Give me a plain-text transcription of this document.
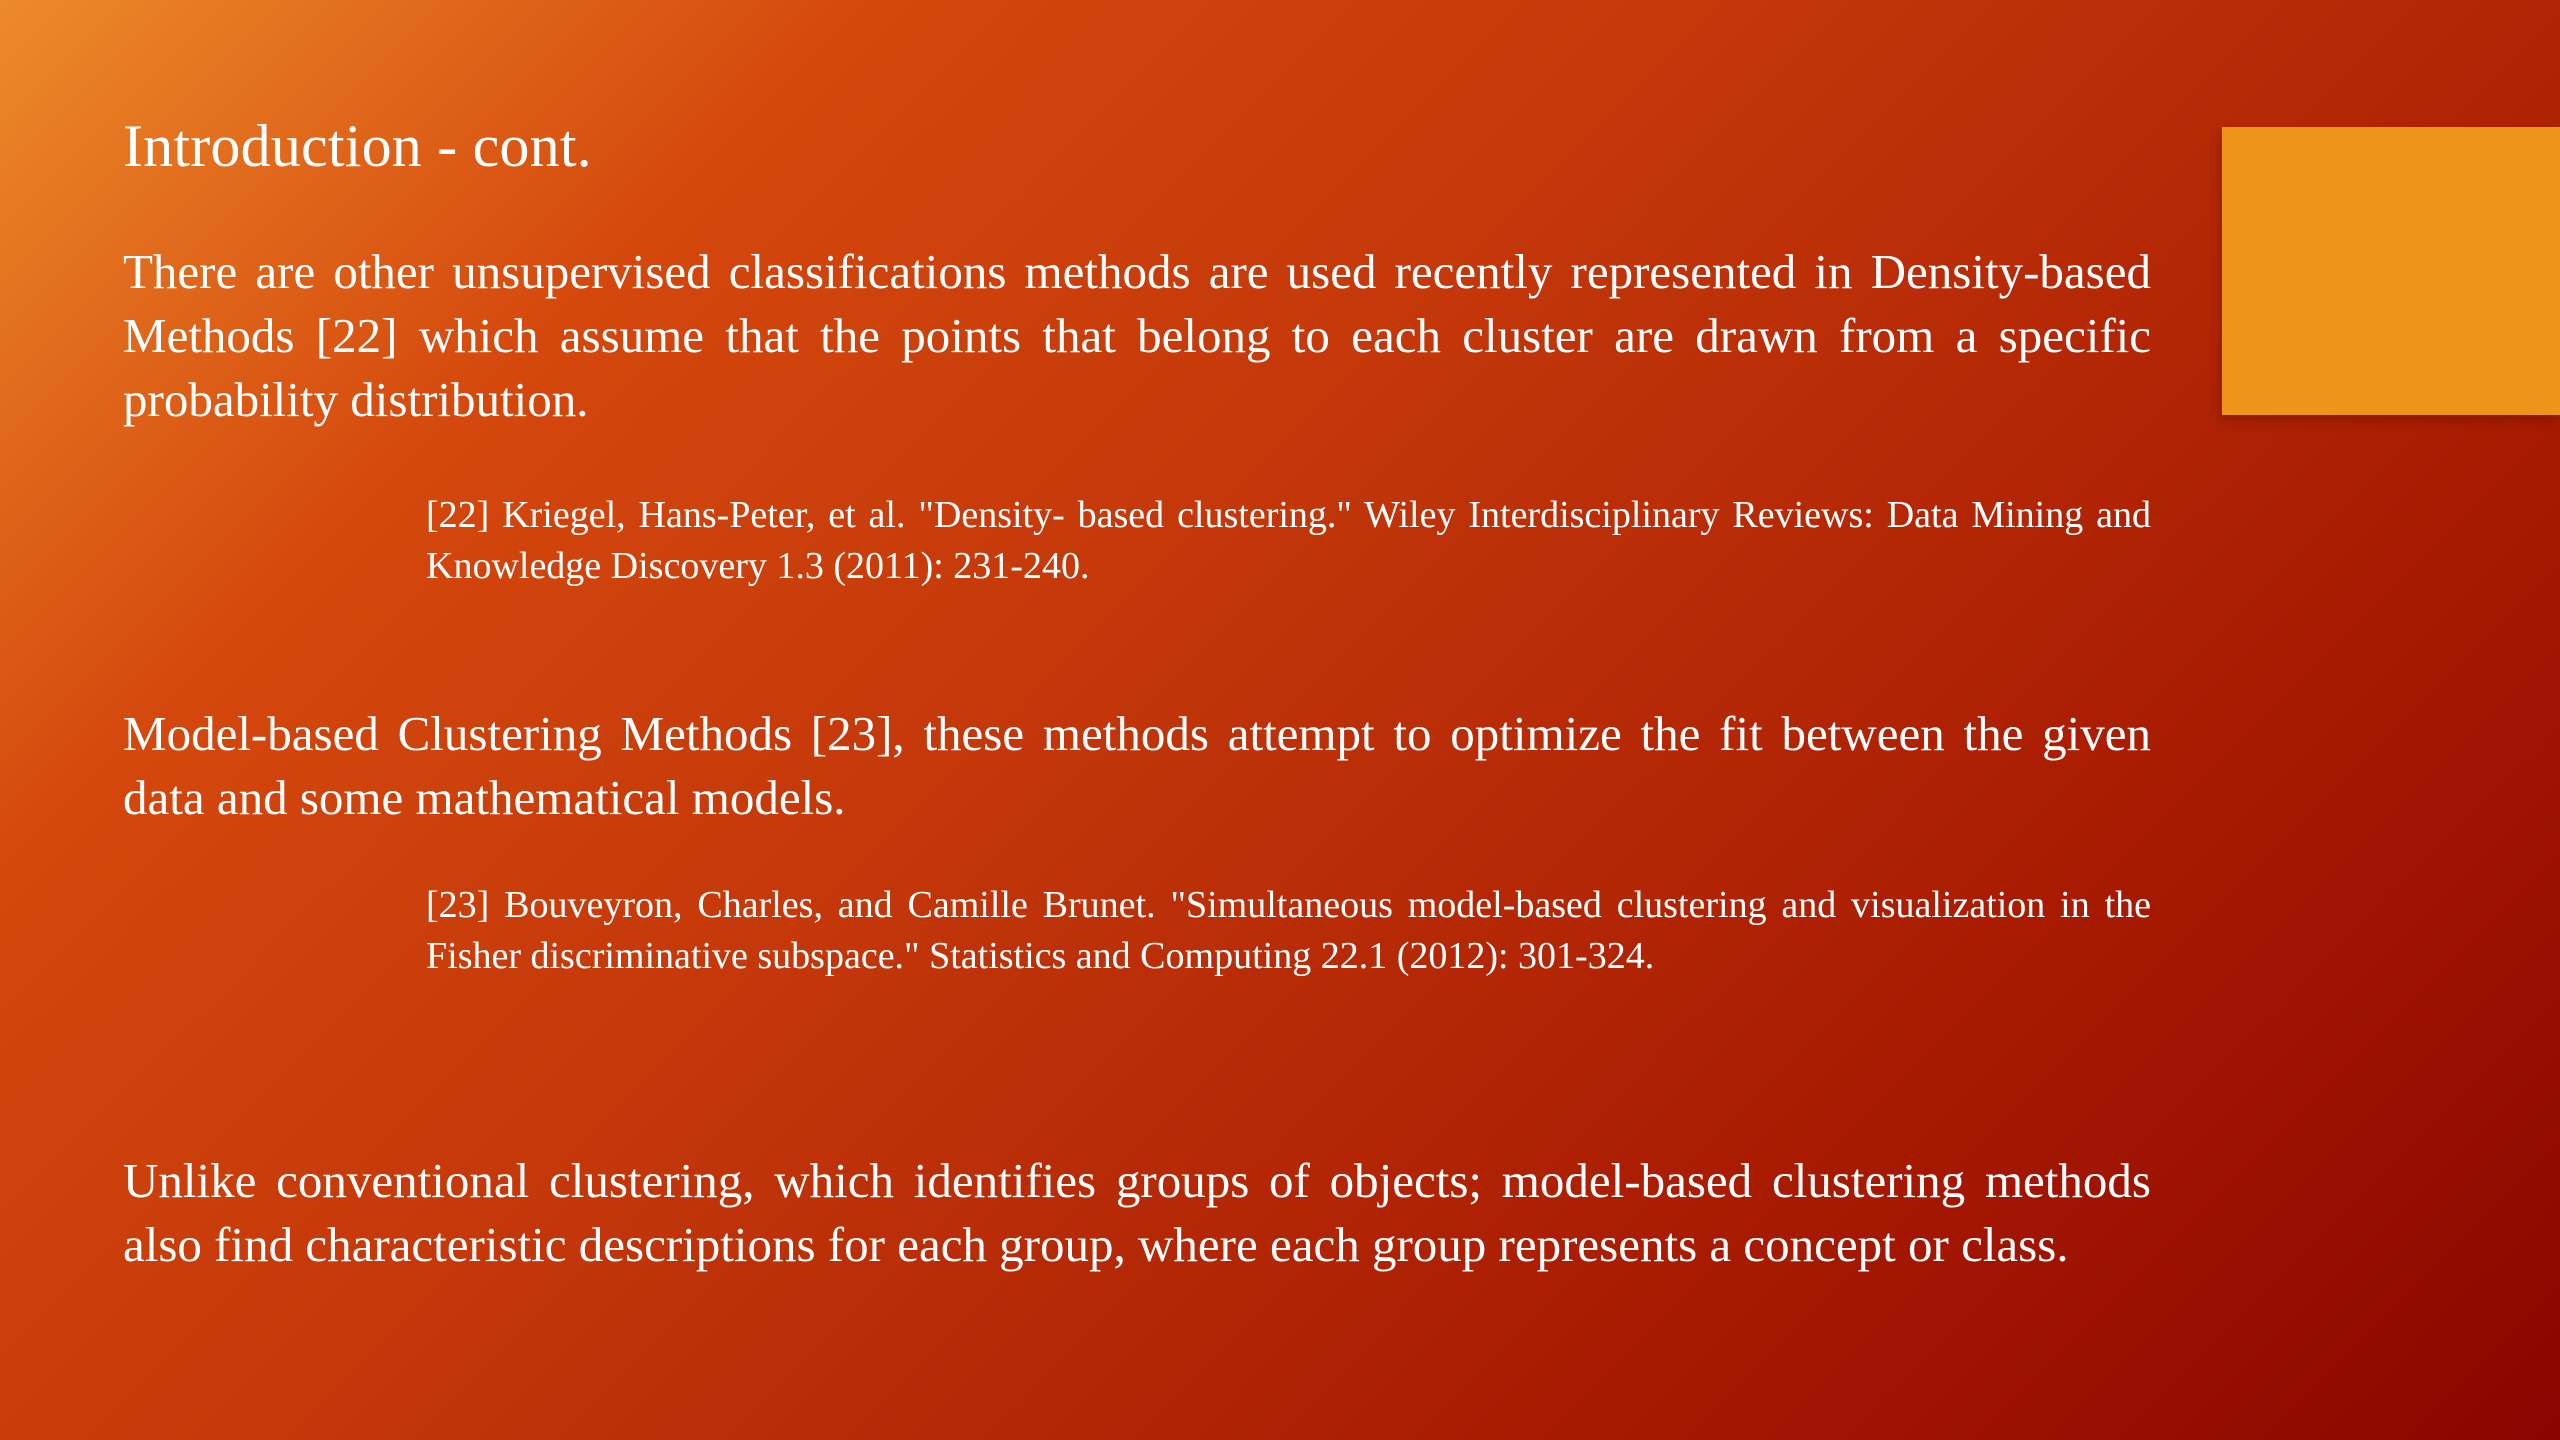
Introduction - cont.

There are other unsupervised classifications methods are used recently represented in Density-based Methods [22] which assume that the points that belong to each cluster are drawn from a specific probability distribution.

[22] Kriegel, Hans-Peter, et al. "Density- based clustering." Wiley Interdisciplinary Reviews: Data Mining and Knowledge Discovery 1.3 (2011): 231-240.

Model-based Clustering Methods [23], these methods attempt to optimize the fit between the given data and some mathematical models.

[23] Bouveyron, Charles, and Camille Brunet. "Simultaneous model-based clustering and visualization in the Fisher discriminative subspace." Statistics and Computing 22.1 (2012): 301-324.

Unlike conventional clustering, which identifies groups of objects; model-based clustering methods also find characteristic descriptions for each group, where each group represents a concept or class.
